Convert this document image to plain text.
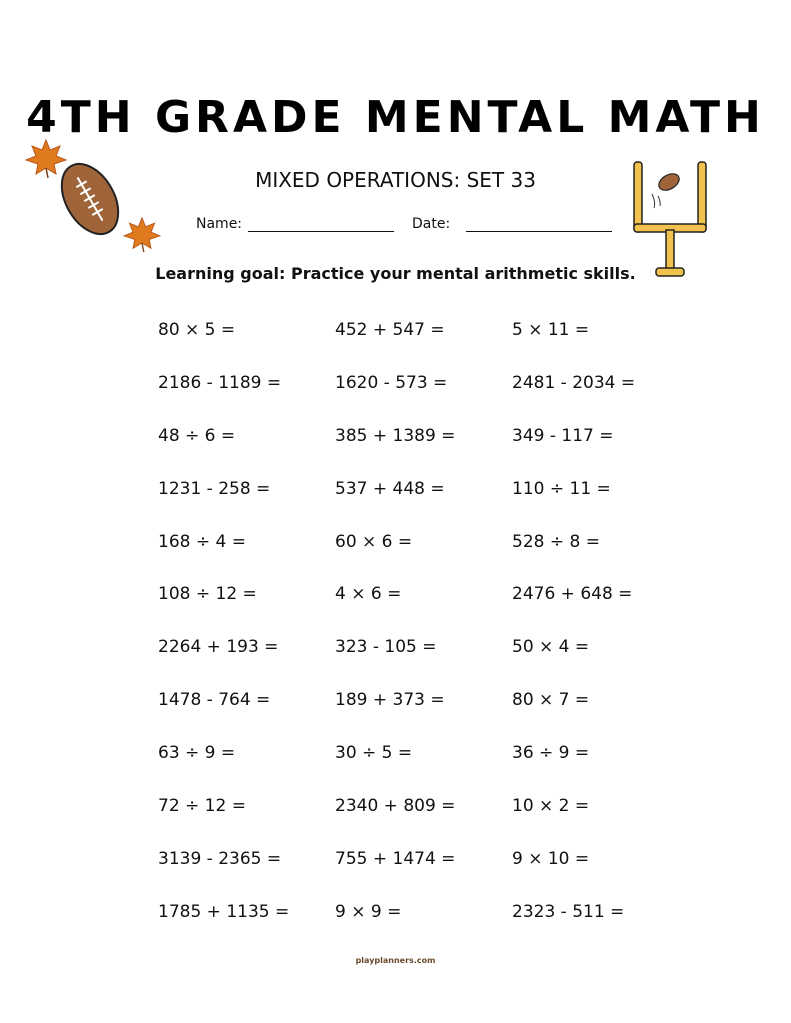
4TH GRADE MENTAL MATH
MIXED OPERATIONS: SET 33
Name:	Date:
Learning goal: Practice your mental arithmetic skills.
80 × 5 =	452 + 547 =	5 × 11 =
2186 - 1189 =	1620 - 573 =	2481 - 2034 =
48 ÷ 6 =	385 + 1389 =	349 - 117 =
1231 - 258 =	537 + 448 =	110 ÷ 11 =
168 ÷ 4 =	60 × 6 =	528 ÷ 8 =
108 ÷ 12 =	4 × 6 =	2476 + 648 =
2264 + 193 =	323 - 105 =	50 × 4 =
1478 - 764 =	189 + 373 =	80 × 7 =
63 ÷ 9 =	30 ÷ 5 =	36 ÷ 9 =
72 ÷ 12 =	2340 + 809 =	10 × 2 =
3139 - 2365 =	755 + 1474 =	9 × 10 =
1785 + 1135 =	9 × 9 =	2323 - 511 =
playplanners.com
